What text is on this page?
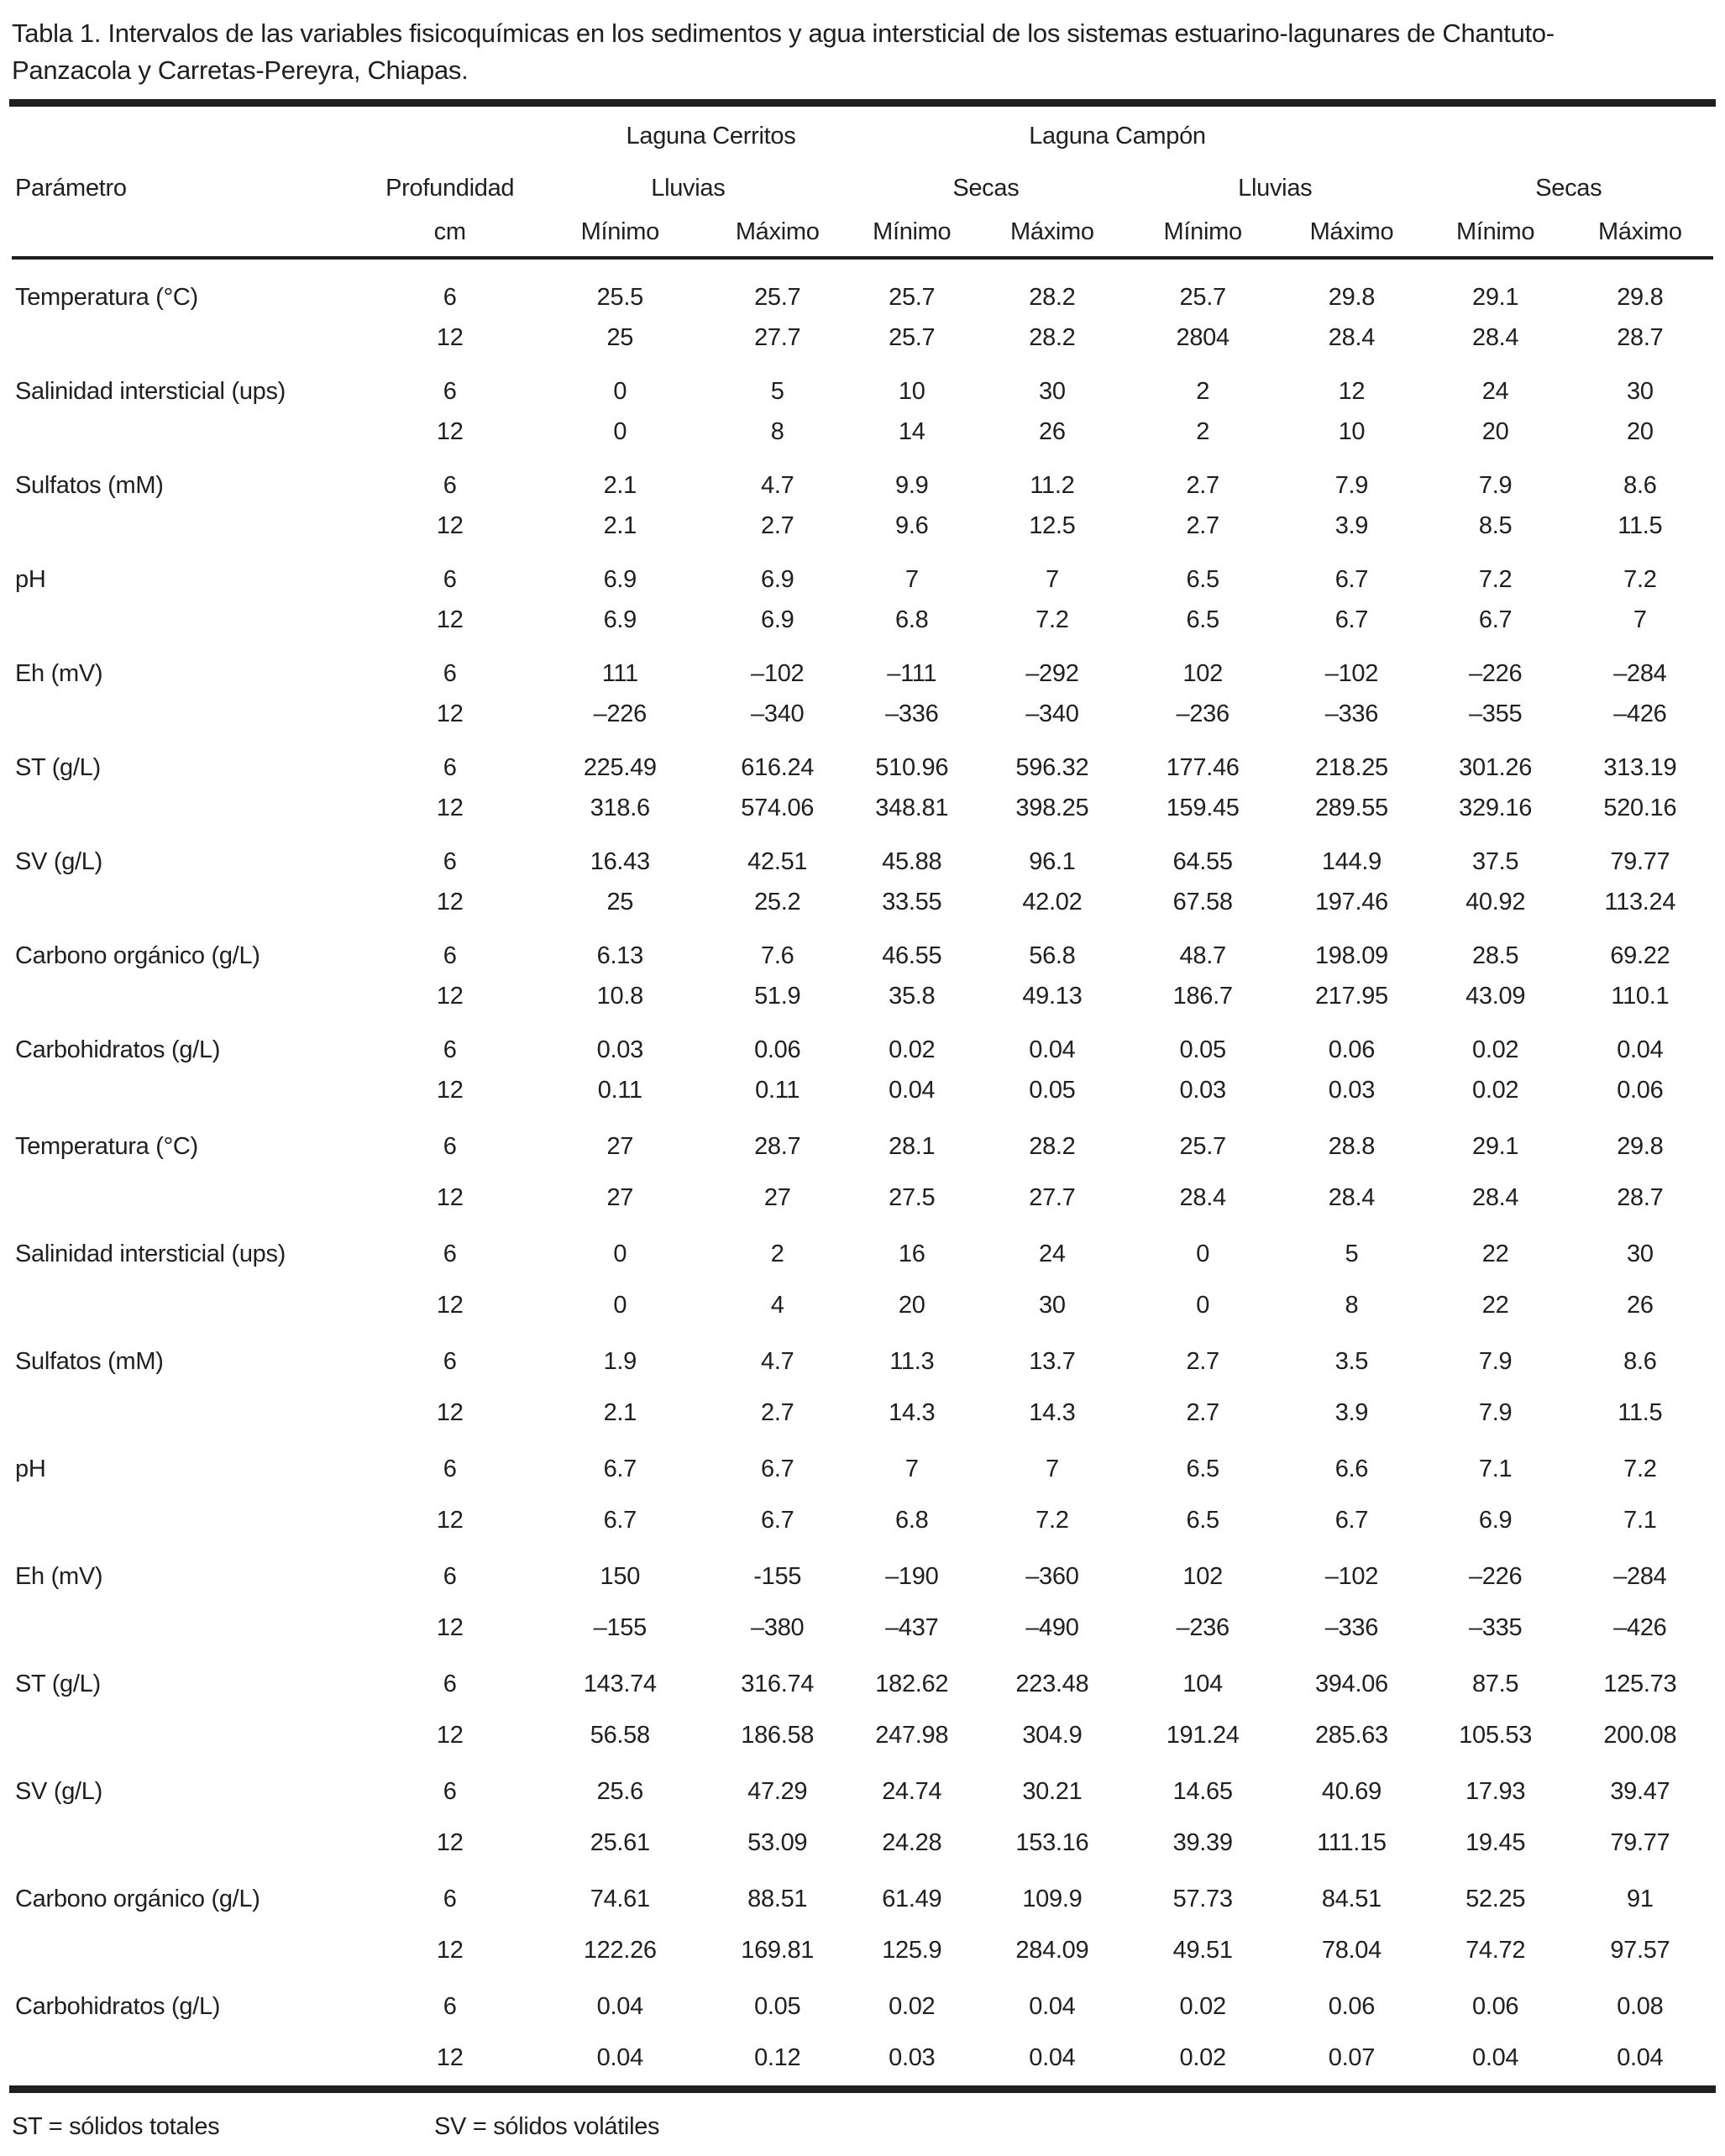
Tabla 1. Intervalos de las variables fisicoquímicas en los sedimentos y agua intersticial de los sistemas estuarino-lagunares de Chantuto-
Panzacola y Carretas-Pereyra, Chiapas.
		Laguna Cerritos				Laguna Campón			
Parámetro	Profundidad	Lluvias		Secas		Lluvias		Secas	
	cm	Mínimo	Máximo	Mínimo	Máximo	Mínimo	Máximo	Mínimo	Máximo
Temperatura (°C)	6	25.5	25.7	25.7	28.2	25.7	29.8	29.1	29.8
	12	25	27.7	25.7	28.2	2804	28.4	28.4	28.7
Salinidad intersticial (ups)	6	0	5	10	30	2	12	24	30
	12	0	8	14	26	2	10	20	20
Sulfatos (mM)	6	2.1	4.7	9.9	11.2	2.7	7.9	7.9	8.6
	12	2.1	2.7	9.6	12.5	2.7	3.9	8.5	11.5
pH	6	6.9	6.9	7	7	6.5	6.7	7.2	7.2
	12	6.9	6.9	6.8	7.2	6.5	6.7	6.7	7
Eh (mV)	6	111	–102	–111	–292	102	–102	–226	–284
	12	–226	–340	–336	–340	–236	–336	–355	–426
ST (g/L)	6	225.49	616.24	510.96	596.32	177.46	218.25	301.26	313.19
	12	318.6	574.06	348.81	398.25	159.45	289.55	329.16	520.16
SV (g/L)	6	16.43	42.51	45.88	96.1	64.55	144.9	37.5	79.77
	12	25	25.2	33.55	42.02	67.58	197.46	40.92	113.24
Carbono orgánico (g/L)	6	6.13	7.6	46.55	56.8	48.7	198.09	28.5	69.22
	12	10.8	51.9	35.8	49.13	186.7	217.95	43.09	110.1
Carbohidratos (g/L)	6	0.03	0.06	0.02	0.04	0.05	0.06	0.02	0.04
	12	0.11	0.11	0.04	0.05	0.03	0.03	0.02	0.06
Temperatura (°C)	6	27	28.7	28.1	28.2	25.7	28.8	29.1	29.8
	12	27	27	27.5	27.7	28.4	28.4	28.4	28.7
Salinidad intersticial (ups)	6	0	2	16	24	0	5	22	30
	12	0	4	20	30	0	8	22	26
Sulfatos (mM)	6	1.9	4.7	11.3	13.7	2.7	3.5	7.9	8.6
	12	2.1	2.7	14.3	14.3	2.7	3.9	7.9	11.5
pH	6	6.7	6.7	7	7	6.5	6.6	7.1	7.2
	12	6.7	6.7	6.8	7.2	6.5	6.7	6.9	7.1
Eh (mV)	6	150	-155	–190	–360	102	–102	–226	–284
	12	–155	–380	–437	–490	–236	–336	–335	–426
ST (g/L)	6	143.74	316.74	182.62	223.48	104	394.06	87.5	125.73
	12	56.58	186.58	247.98	304.9	191.24	285.63	105.53	200.08
SV (g/L)	6	25.6	47.29	24.74	30.21	14.65	40.69	17.93	39.47
	12	25.61	53.09	24.28	153.16	39.39	111.15	19.45	79.77
Carbono orgánico (g/L)	6	74.61	88.51	61.49	109.9	57.73	84.51	52.25	91
	12	122.26	169.81	125.9	284.09	49.51	78.04	74.72	97.57
Carbohidratos (g/L)	6	0.04	0.05	0.02	0.04	0.02	0.06	0.06	0.08
	12	0.04	0.12	0.03	0.04	0.02	0.07	0.04	0.04
ST = sólidos totales	SV = sólidos volátiles
